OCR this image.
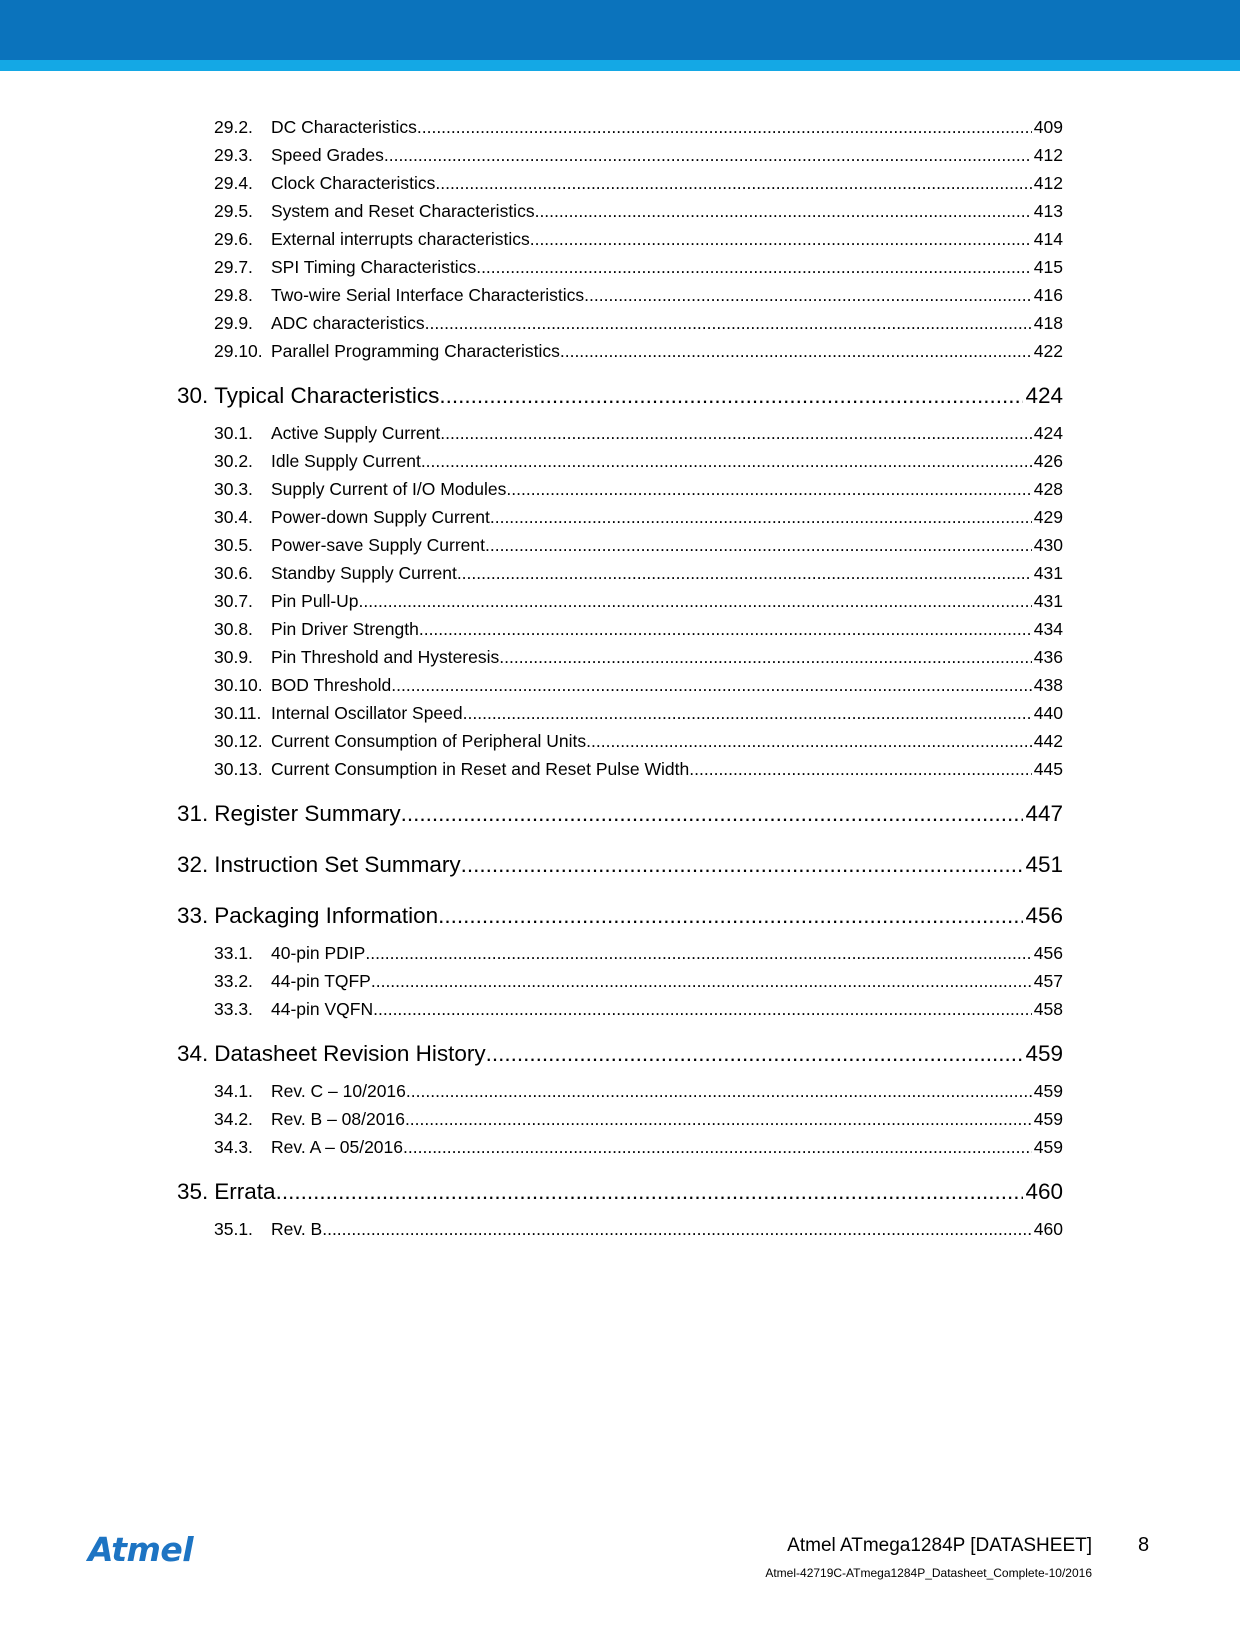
29.2.	DC Characteristics .....	409
29.3.	Speed Grades .....	412
29.4.	Clock Characteristics .....	412
29.5.	System and Reset Characteristics .....	413
29.6.	External interrupts characteristics .....	414
29.7.	SPI Timing Characteristics .....	415
29.8.	Two-wire Serial Interface Characteristics .....	416
29.9.	ADC characteristics .....	418
29.10. Parallel Programming Characteristics .....	422
30. Typical Characteristics .....	424
30.1.	Active Supply Current .....	424
30.2.	Idle Supply Current .....	426
30.3.	Supply Current of I/O Modules .....	428
30.4.	Power-down Supply Current .....	429
30.5.	Power-save Supply Current .....	430
30.6.	Standby Supply Current .....	431
30.7.	Pin Pull-Up .....	431
30.8.	Pin Driver Strength .....	434
30.9.	Pin Threshold and Hysteresis .....	436
30.10. BOD Threshold .....	438
30.11. Internal Oscillator Speed .....	440
30.12. Current Consumption of Peripheral Units .....	442
30.13. Current Consumption in Reset and Reset Pulse Width .....	445
31. Register Summary .....	447
32. Instruction Set Summary .....	451
33. Packaging Information .....	456
33.1.	40-pin PDIP .....	456
33.2.	44-pin TQFP .....	457
33.3.	44-pin VQFN .....	458
34. Datasheet Revision History .....	459
34.1.	Rev. C – 10/2016 .....	459
34.2.	Rev. B – 08/2016 .....	459
34.3.	Rev. A – 05/2016 .....	459
35. Errata .....	460
35.1.	Rev. B .....	460
Atmel	Atmel ATmega1284P [DATASHEET] 8
Atmel-42719C-ATmega1284P_Datasheet_Complete-10/2016
